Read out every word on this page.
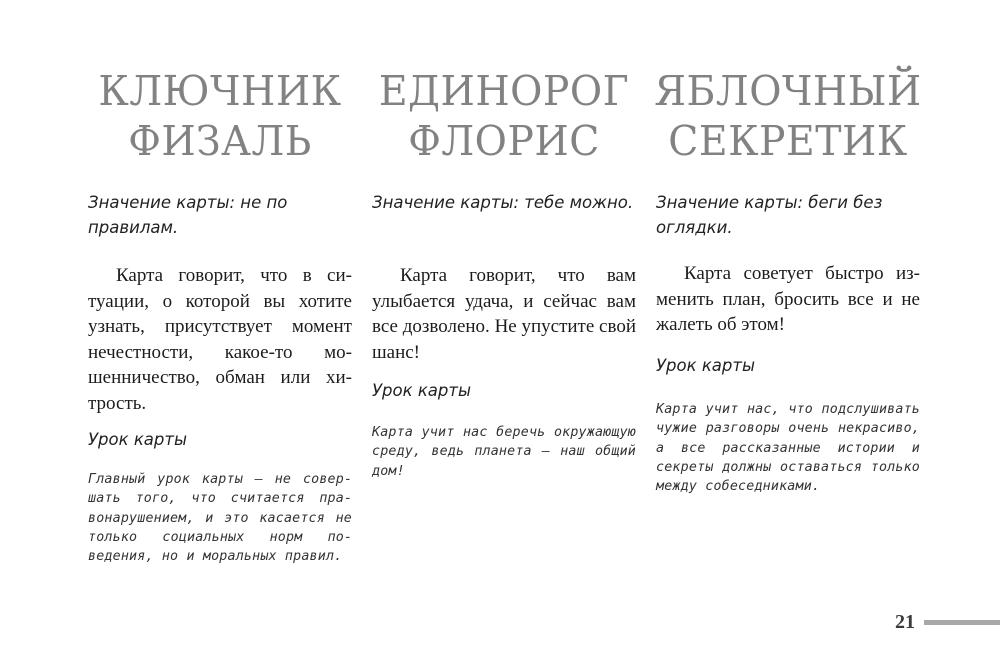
КЛЮЧНИК
ФИЗАЛЬ

Значение карты: не по правилам.

Карта говорит, что в ситуации, о которой вы хотите узнать, присутствует момент нечестности, какое-то мошенничество, обман или хитрость.

Урок карты

Главный урок карты — не совершать того, что считается правонарушением, и это касается не только социальных норм поведения, но и моральных правил.

ЕДИНОРОГ
ФЛОРИС

Значение карты: тебе можно.

Карта говорит, что вам улыбается удача, и сейчас вам все дозволено. Не упустите свой шанс!

Урок карты

Карта учит нас беречь окружающую среду, ведь планета — наш общий дом!

ЯБЛОЧНЫЙ
СЕКРЕТИК

Значение карты: беги без оглядки.

Карта советует быстро изменить план, бросить все и не жалеть об этом!

Урок карты

Карта учит нас, что подслушивать чужие разговоры очень некрасиво, а все рассказанные истории и секреты должны оставаться только между собеседниками.

21
